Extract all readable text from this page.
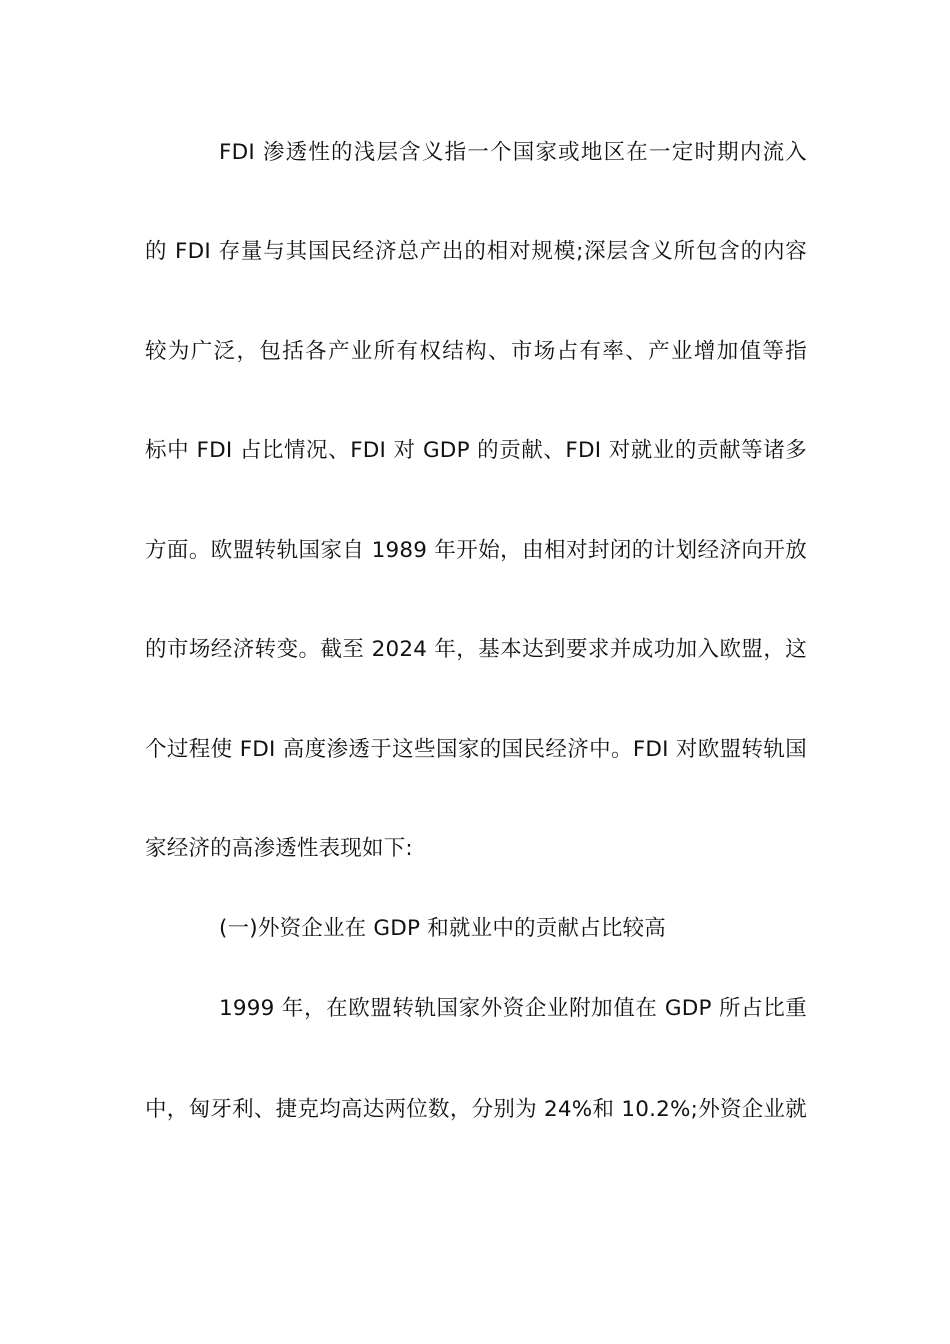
FDI 渗透性的浅层含义指一个国家或地区在一定时期内流入
的 FDI 存量与其国民经济总产出的相对规模;深层含义所包含的内容
较为广泛，包括各产业所有权结构、市场占有率、产业增加值等指
标中 FDI 占比情况、FDI 对 GDP 的贡献、FDI 对就业的贡献等诸多
方面。欧盟转轨国家自 1989 年开始，由相对封闭的计划经济向开放
的市场经济转变。截至 2024 年，基本达到要求并成功加入欧盟，这
个过程使 FDI 高度渗透于这些国家的国民经济中。FDI 对欧盟转轨国
家经济的高渗透性表现如下:
(一)外资企业在 GDP 和就业中的贡献占比较高
1999 年，在欧盟转轨国家外资企业附加值在 GDP 所占比重
中，匈牙利、捷克均高达两位数，分别为 24%和 10.2%;外资企业就
